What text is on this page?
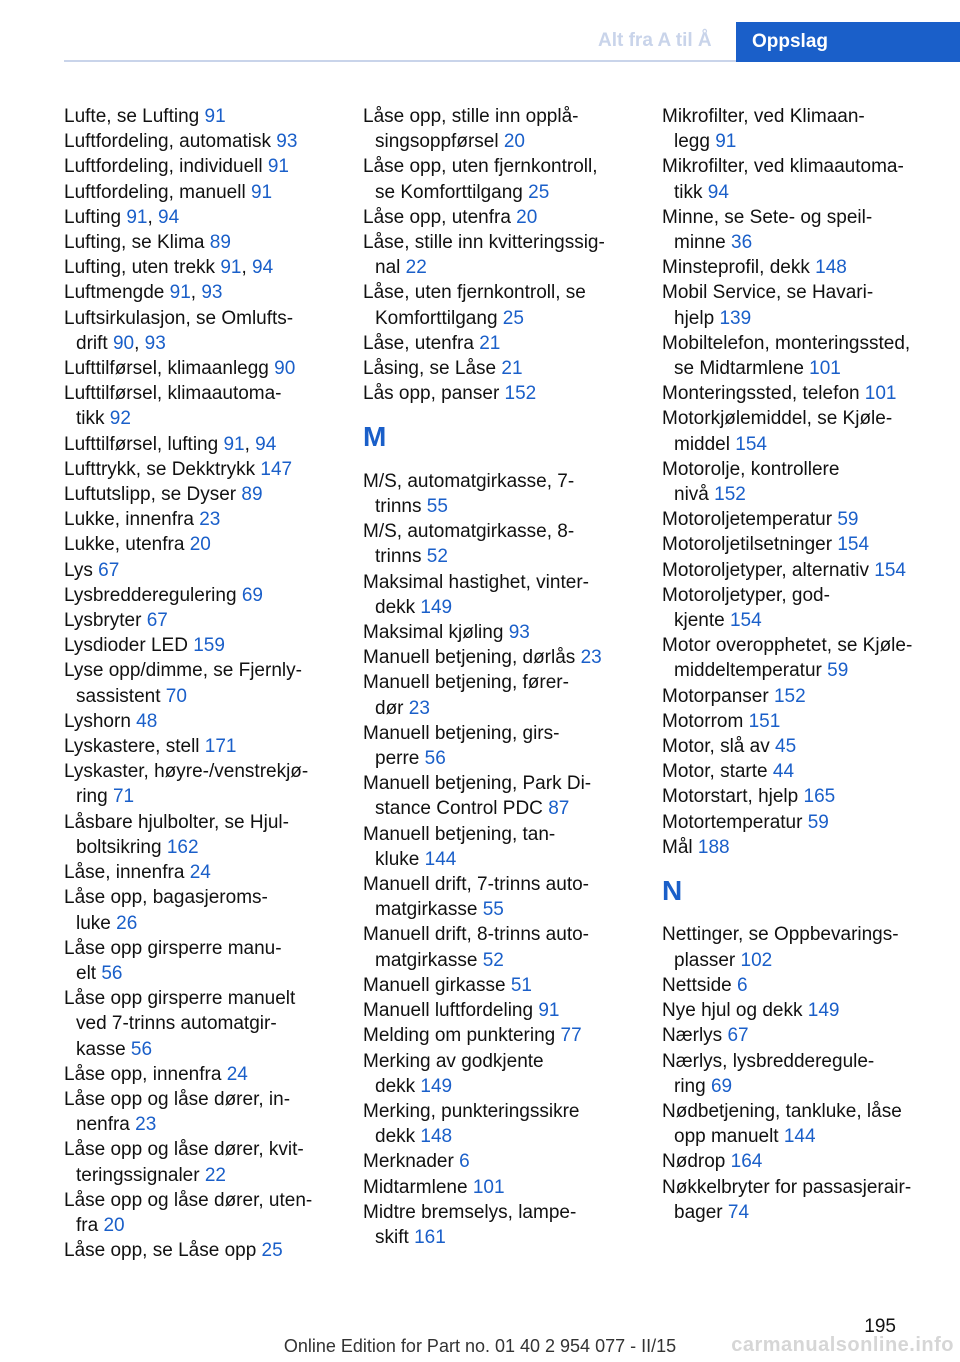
Alt fra A til Å	Oppslag
Lufte, se Lufting 91
Luftfordeling, automatisk 93
Luftfordeling, individuell 91
Luftfordeling, manuell 91
Lufting 91, 94
Lufting, se Klima 89
Lufting, uten trekk 91, 94
Luftmengde 91, 93
Luftsirkulasjon, se Omlufts-
drift 90, 93
Lufttilførsel, klimaanlegg 90
Lufttilførsel, klimaautoma-
tikk 92
Lufttilførsel, lufting 91, 94
Lufttrykk, se Dekktrykk 147
Luftutslipp, se Dyser 89
Lukke, innenfra 23
Lukke, utenfra 20
Lys 67
Lysbredderegulering 69
Lysbryter 67
Lysdioder LED 159
Lyse opp/dimme, se Fjernly-
sassistent 70
Lyshorn 48
Lyskastere, stell 171
Lyskaster, høyre-/venstrekjø-
ring 71
Låsbare hjulbolter, se Hjul-
boltsikring 162
Låse, innenfra 24
Låse opp, bagasjeroms-
luke 26
Låse opp girsperre manu-
elt 56
Låse opp girsperre manuelt
ved 7-trinns automatgir-
kasse 56
Låse opp, innenfra 24
Låse opp og låse dører, in-
nenfra 23
Låse opp og låse dører, kvit-
teringssignaler 22
Låse opp og låse dører, uten-
fra 20
Låse opp, se Låse opp 25
Låse opp, stille inn opplå-
singsoppførsel 20
Låse opp, uten fjernkontroll,
se Komforttilgang 25
Låse opp, utenfra 20
Låse, stille inn kvitteringssig-
nal 22
Låse, uten fjernkontroll, se
Komforttilgang 25
Låse, utenfra 21
Låsing, se Låse 21
Lås opp, panser 152
M
M/S, automatgirkasse, 7-
trinns 55
M/S, automatgirkasse, 8-
trinns 52
Maksimal hastighet, vinter-
dekk 149
Maksimal kjøling 93
Manuell betjening, dørlås 23
Manuell betjening, fører-
dør 23
Manuell betjening, girs-
perre 56
Manuell betjening, Park Di-
stance Control PDC 87
Manuell betjening, tan-
kluke 144
Manuell drift, 7-trinns auto-
matgirkasse 55
Manuell drift, 8-trinns auto-
matgirkasse 52
Manuell girkasse 51
Manuell luftfordeling 91
Melding om punktering 77
Merking av godkjente
dekk 149
Merking, punkteringssikre
dekk 148
Merknader 6
Midtarmlene 101
Midtre bremselys, lampe-
skift 161
Mikrofilter, ved Klimaan-
legg 91
Mikrofilter, ved klimaautoma-
tikk 94
Minne, se Sete- og speil-
minne 36
Minsteprofil, dekk 148
Mobil Service, se Havari-
hjelp 139
Mobiltelefon, monteringssted,
se Midtarmlene 101
Monteringssted, telefon 101
Motorkjølemiddel, se Kjøle-
middel 154
Motorolje, kontrollere
nivå 152
Motoroljetemperatur 59
Motoroljetilsetninger 154
Motoroljetyper, alternativ 154
Motoroljetyper, god-
kjente 154
Motor overopphetet, se Kjøle-
middeltemperatur 59
Motorpanser 152
Motorrom 151
Motor, slå av 45
Motor, starte 44
Motorstart, hjelp 165
Motortemperatur 59
Mål 188
N
Nettinger, se Oppbevarings-
plasser 102
Nettside 6
Nye hjul og dekk 149
Nærlys 67
Nærlys, lysbredderegule-
ring 69
Nødbetjening, tankluke, låse
opp manuelt 144
Nødrop 164
Nøkkelbryter for passasjerair-
bager 74
195
Online Edition for Part no. 01 40 2 954 077 - II/15	carmanualsonline.info
